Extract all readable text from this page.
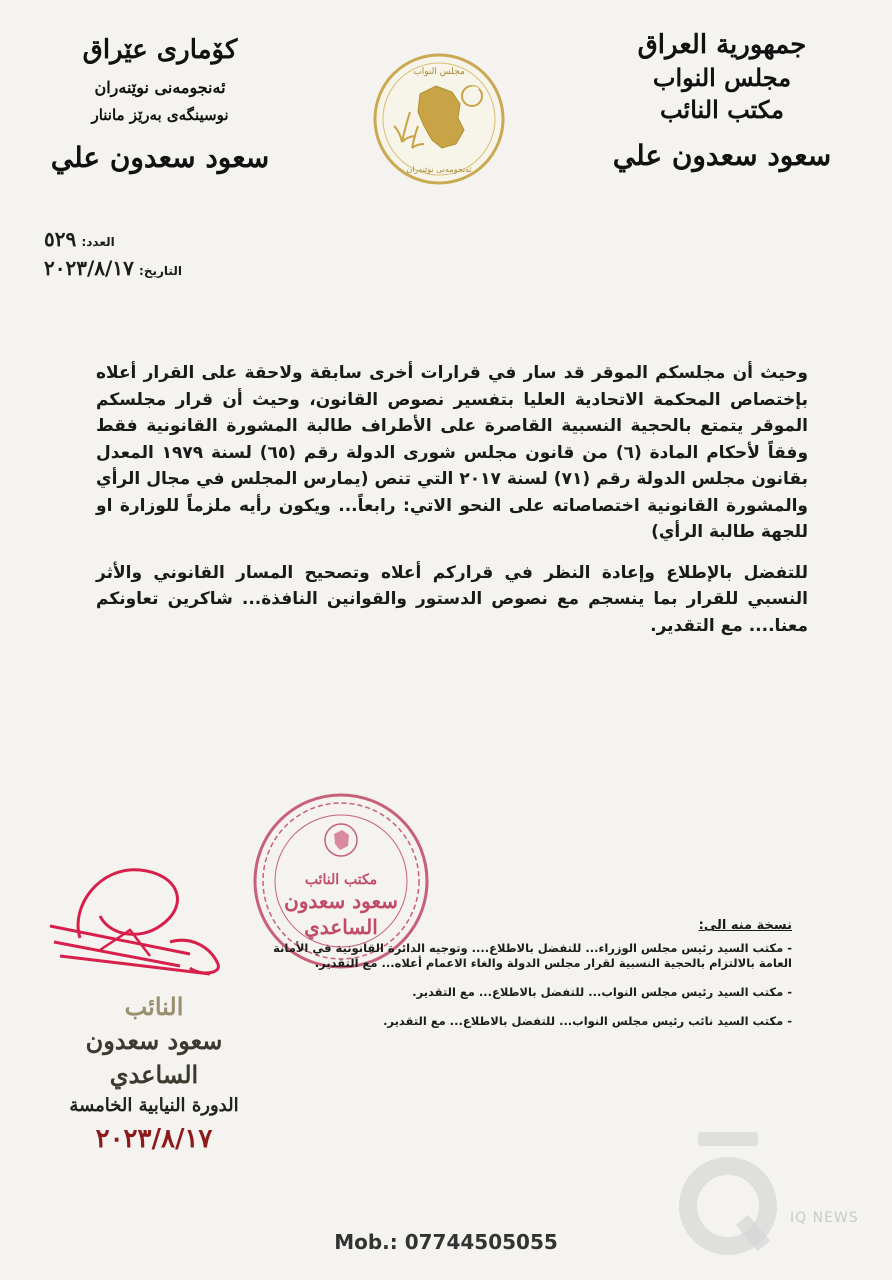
جمهورية العراق
مجلس النواب
مكتب النائب
سعود سعدون علي
كۆماری عێراق
ئەنجومەنی نوێنەران
نوسینگەی بەرێز ماننار
سعود سعدون علي
مجلس النواب
ئەنجومەنی نوێنەران
العدد: ٥٢٩
التاريخ: ٢٠٢٣/٨/١٧

وحيث أن مجلسكم الموقر قد سار في قرارات أخرى سابقة ولاحقة على القرار أعلاه بإختصاص المحكمة الاتحادية العليا بتفسير نصوص القانون، وحيث أن قرار مجلسكم الموقر يتمتع بالحجية النسبية القاصرة على الأطراف طالبة المشورة القانونية فقط وفقاً لأحكام المادة (٦) من قانون مجلس شورى الدولة رقم (٦٥) لسنة ١٩٧٩ المعدل بقانون مجلس الدولة رقم (٧١) لسنة ٢٠١٧ التي تنص (يمارس المجلس في مجال الرأي والمشورة القانونية اختصاصاته على النحو الاتي: رابعاً... ويكون رأيه ملزماً للوزارة او للجهة طالبة الرأي)

للتفضل بالإطلاع وإعادة النظر في قراركم أعلاه وتصحيح المسار القانوني والأثر النسبي للقرار بما ينسجم مع نصوص الدستور والقوانين النافذة... شاكرين تعاونكم معنا.... مع التقدير.

مكتب النائب
سعود سعدون
الساعدي
النائب
سعود سعدون الساعدي
الدورة النيابية الخامسة
٢٠٢٣/٨/١٧
نسخة منه الى:
- مكتب السيد رئيس مجلس الوزراء... للتفضل بالاطلاع.... وتوجيه الدائرة القانونية في الأمانة العامة بالالتزام بالحجية النسبية لقرار مجلس الدولة والغاء الاعمام أعلاه... مع التقدير.
- مكتب السيد رئيس مجلس النواب... للتفضل بالاطلاع... مع التقدير.
- مكتب السيد نائب رئيس مجلس النواب... للتفضل بالاطلاع... مع التقدير.
IQ NEWS
Mob.: 07744505055
